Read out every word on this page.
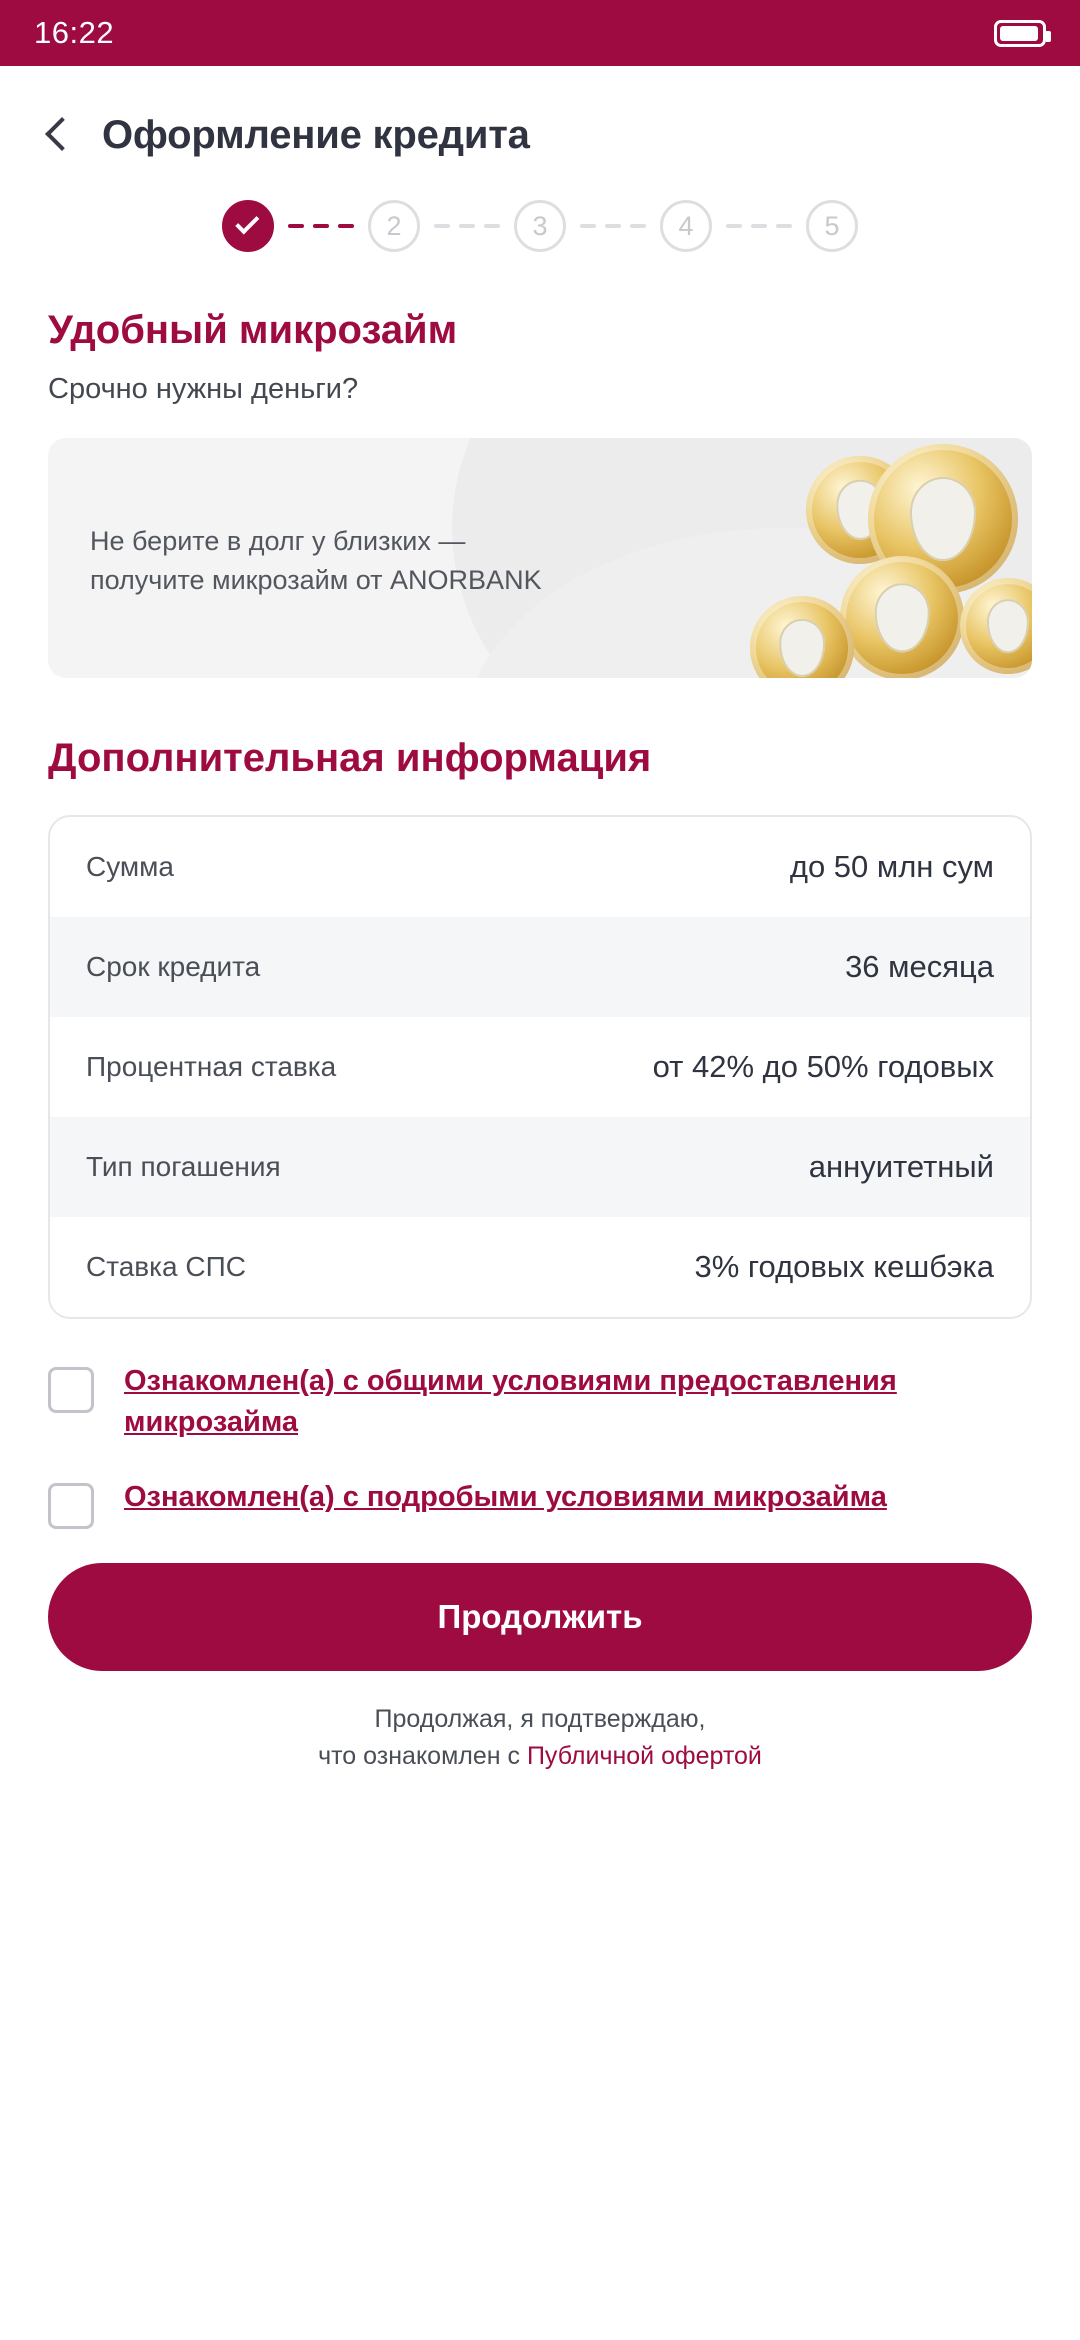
16:22
Оформление кредита
2	3	4	5
Удобный микрозайм
Срочно нужны деньги?
Не берите в долг у близких —
получите микрозайм от ANORBANK
Дополнительная информация
Сумма	до 50 млн сум
Срок кредита	36 месяца
Процентная ставка	от 42% до 50% годовых
Тип погашения	аннуитетный
Ставка СПС	3% годовых кешбэка
Ознакомлен(а) с общими условиями предоставления микрозайма
Ознакомлен(а) с подробыми условиями микрозайма
Продолжить
Продолжая, я подтверждаю,
что ознакомлен с Публичной офертой
